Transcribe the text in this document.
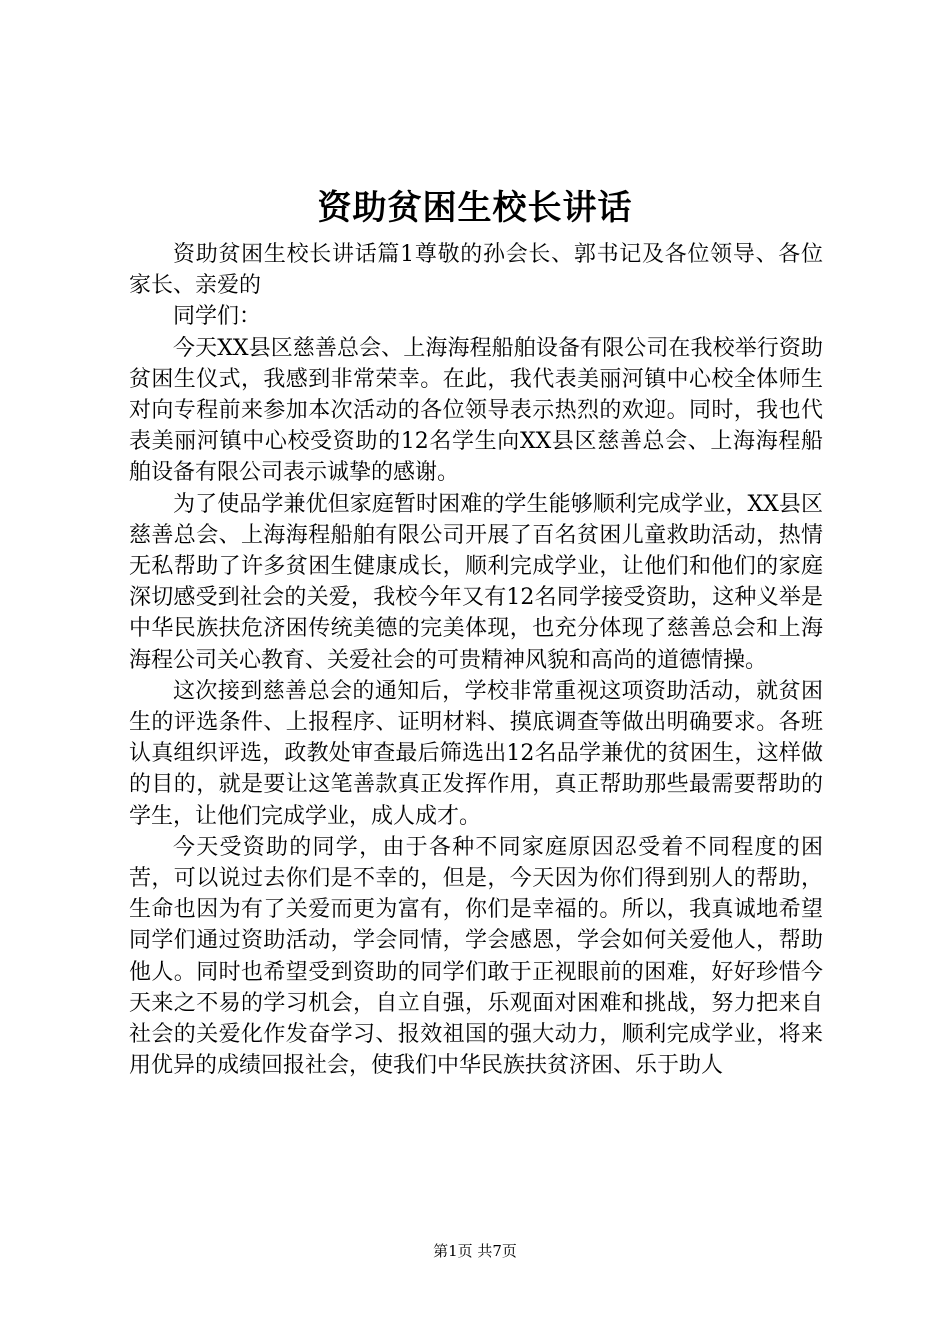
资助贫困生校长讲话

资助贫困生校长讲话篇1尊敬的孙会长、郭书记及各位领导、各位家长、亲爱的

同学们：

今天XX县区慈善总会、上海海程船舶设备有限公司在我校举行资助贫困生仪式，我感到非常荣幸。在此，我代表美丽河镇中心校全体师生对向专程前来参加本次活动的各位领导表示热烈的欢迎。同时，我也代表美丽河镇中心校受资助的12名学生向XX县区慈善总会、上海海程船舶设备有限公司表示诚挚的感谢。

为了使品学兼优但家庭暂时困难的学生能够顺利完成学业，XX县区慈善总会、上海海程船舶有限公司开展了百名贫困儿童救助活动，热情无私帮助了许多贫困生健康成长，顺利完成学业，让他们和他们的家庭深切感受到社会的关爱，我校今年又有12名同学接受资助，这种义举是中华民族扶危济困传统美德的完美体现，也充分体现了慈善总会和上海海程公司关心教育、关爱社会的可贵精神风貌和高尚的道德情操。

这次接到慈善总会的通知后，学校非常重视这项资助活动，就贫困生的评选条件、上报程序、证明材料、摸底调查等做出明确要求。各班认真组织评选，政教处审查最后筛选出12名品学兼优的贫困生，这样做的目的，就是要让这笔善款真正发挥作用，真正帮助那些最需要帮助的学生，让他们完成学业，成人成才。

今天受资助的同学，由于各种不同家庭原因忍受着不同程度的困苦，可以说过去你们是不幸的，但是，今天因为你们得到别人的帮助，生命也因为有了关爱而更为富有，你们是幸福的。所以，我真诚地希望同学们通过资助活动，学会同情，学会感恩，学会如何关爱他人，帮助他人。同时也希望受到资助的同学们敢于正视眼前的困难，好好珍惜今天来之不易的学习机会，自立自强，乐观面对困难和挑战，努力把来自社会的关爱化作发奋学习、报效祖国的强大动力，顺利完成学业，将来用优异的成绩回报社会，使我们中华民族扶贫济困、乐于助人

第1页 共7页
